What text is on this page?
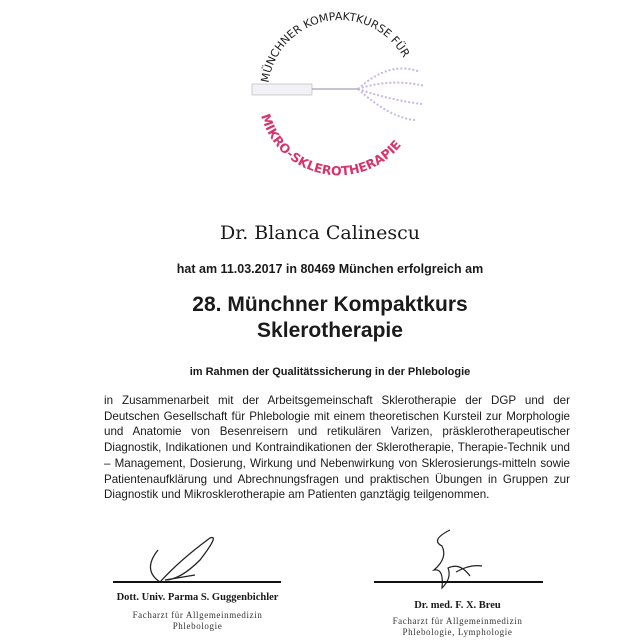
MÜNCHNER KOMPAKTKURSE FÜR
MIKRO-SKLEROTHERAPIE
Dr. Blanca Calinescu
hat am 11.03.2017 in 80469 München erfolgreich am
28. Münchner Kompaktkurs
Sklerotherapie
im Rahmen der Qualitätssicherung in der Phlebologie
in Zusammenarbeit mit der Arbeitsgemeinschaft Sklerotherapie der DGP und der Deutschen Gesellschaft für Phlebologie mit einem theoretischen Kursteil zur Morphologie und Anatomie von Besenreisern und retikulären Varizen, präsklerotherapeutischer Diagnostik, Indikationen und Kontraindikationen der Sklerotherapie, Therapie-Technik und – Management, Dosierung, Wirkung und Nebenwirkung von Sklerosierungs-mitteln sowie Patientenaufklärung und Abrechnungsfragen und praktischen Übungen in Gruppen zur Diagnostik und Mikrosklerotherapie am Patienten ganztägig teilgenommen.
Dott. Univ. Parma S. Guggenbichler
Facharzt für Allgemeinmedizin
Phlebologie
Dr. med. F. X. Breu
Facharzt für Allgemeinmedizin
Phlebologie, Lymphologie
